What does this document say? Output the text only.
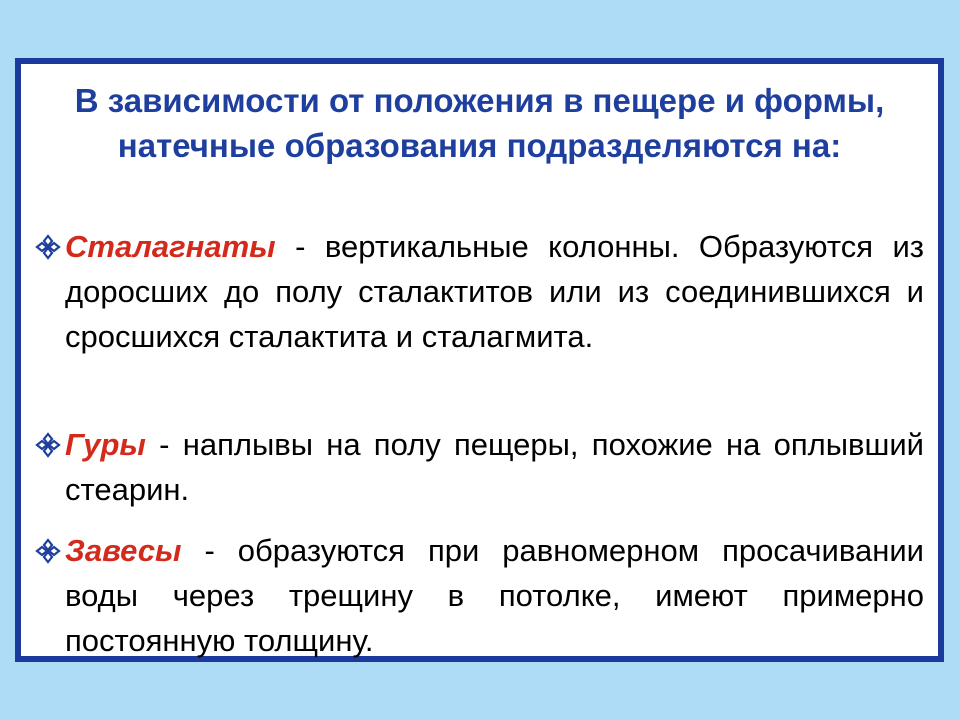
В зависимости от положения в пещере и формы, натечные образования подразделяются на:
Сталагнаты - вертикальные колонны. Образуются из доросших до полу сталактитов или из соединившихся и сросшихся сталактита и сталагмита.
Гуры - наплывы на полу пещеры, похожие на оплывший стеарин.
Завесы - образуются при равномерном просачивании воды через трещину в потолке, имеют примерно постоянную толщину.
